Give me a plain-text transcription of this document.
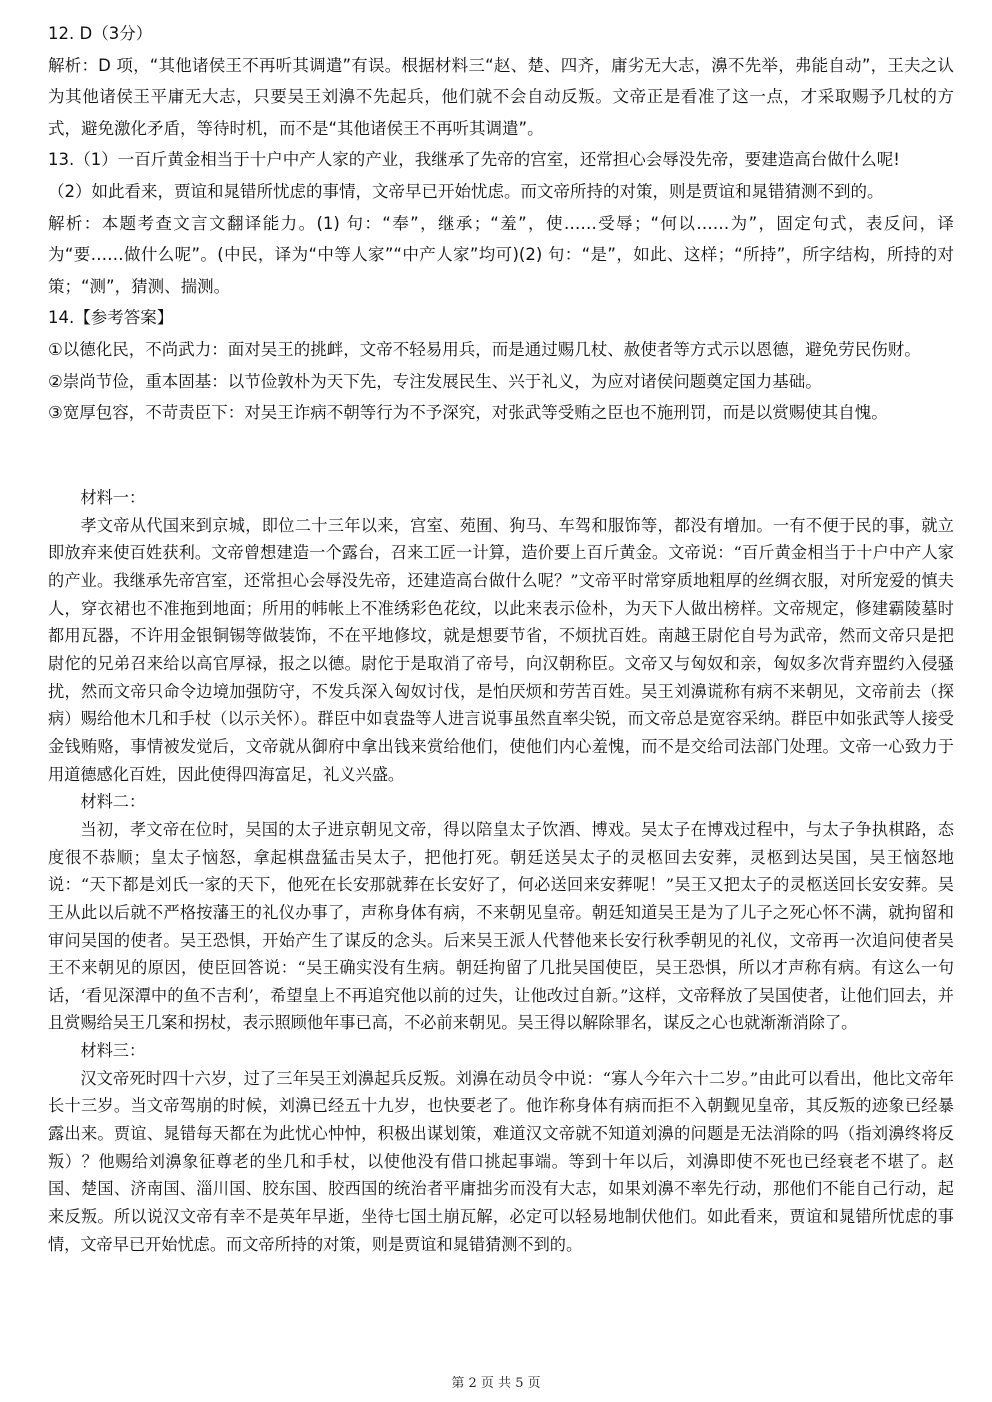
12. D（3分）

解析：D 项，“其他诸侯王不再听其调遣”有误。根据材料三“赵、楚、四齐，庸劣无大志，濞不先举，弗能自动”，王夫之认为其他诸侯王平庸无大志，只要吴王刘濞不先起兵，他们就不会自动反叛。文帝正是看准了这一点，才采取赐予几杖的方式，避免激化矛盾，等待时机，而不是“其他诸侯王不再听其调遣”。

13.（1）一百斤黄金相当于十户中产人家的产业，我继承了先帝的宫室，还常担心会辱没先帝，要建造高台做什么呢!

（2）如此看来，贾谊和晁错所忧虑的事情，文帝早已开始忧虑。而文帝所持的对策，则是贾谊和晁错猜测不到的。

解析：本题考查文言文翻译能力。(1) 句：“奉”，继承；“羞”，使……受辱；“何以……为”，固定句式，表反问，译为“要……做什么呢”。(中民，译为“中等人家”“中产人家”均可)(2) 句：“是”，如此、这样；“所持”，所字结构，所持的对策；“测”，猜测、揣测。

14.【参考答案】

①以德化民，不尚武力：面对吴王的挑衅，文帝不轻易用兵，而是通过赐几杖、赦使者等方式示以恩德，避免劳民伤财。

②崇尚节俭，重本固基：以节俭敦朴为天下先，专注发展民生、兴于礼义，为应对诸侯问题奠定国力基础。

③宽厚包容，不苛责臣下：对吴王诈病不朝等行为不予深究，对张武等受贿之臣也不施刑罚，而是以赏赐使其自愧。

材料一：

孝文帝从代国来到京城，即位二十三年以来，宫室、苑囿、狗马、车驾和服饰等，都没有增加。一有不便于民的事，就立即放弃来使百姓获利。文帝曾想建造一个露台，召来工匠一计算，造价要上百斤黄金。文帝说：“百斤黄金相当于十户中产人家的产业。我继承先帝宫室，还常担心会辱没先帝，还建造高台做什么呢？”文帝平时常穿质地粗厚的丝绸衣服，对所宠爱的慎夫人，穿衣裙也不准拖到地面；所用的帏帐上不准绣彩色花纹，以此来表示俭朴，为天下人做出榜样。文帝规定，修建霸陵墓时都用瓦器，不许用金银铜锡等做装饰，不在平地修坟，就是想要节省，不烦扰百姓。南越王尉佗自号为武帝，然而文帝只是把尉佗的兄弟召来给以高官厚禄，报之以德。尉佗于是取消了帝号，向汉朝称臣。文帝又与匈奴和亲，匈奴多次背弃盟约入侵骚扰，然而文帝只命令边境加强防守，不发兵深入匈奴讨伐，是怕厌烦和劳苦百姓。吴王刘濞谎称有病不来朝见，文帝前去（探病）赐给他木几和手杖（以示关怀）。群臣中如袁盎等人进言说事虽然直率尖锐，而文帝总是宽容采纳。群臣中如张武等人接受金钱贿赂，事情被发觉后，文帝就从御府中拿出钱来赏给他们，使他们内心羞愧，而不是交给司法部门处理。文帝一心致力于用道德感化百姓，因此使得四海富足，礼义兴盛。

材料二：

当初，孝文帝在位时，吴国的太子进京朝见文帝，得以陪皇太子饮酒、博戏。吴太子在博戏过程中，与太子争执棋路，态度很不恭顺；皇太子恼怒，拿起棋盘猛击吴太子，把他打死。朝廷送吴太子的灵柩回去安葬，灵柩到达吴国，吴王恼怒地说：“天下都是刘氏一家的天下，他死在长安那就葬在长安好了，何必送回来安葬呢！”吴王又把太子的灵柩送回长安安葬。吴王从此以后就不严格按藩王的礼仪办事了，声称身体有病，不来朝见皇帝。朝廷知道吴王是为了儿子之死心怀不满，就拘留和审问吴国的使者。吴王恐惧，开始产生了谋反的念头。后来吴王派人代替他来长安行秋季朝见的礼仪，文帝再一次追问使者吴王不来朝见的原因，使臣回答说：“吴王确实没有生病。朝廷拘留了几批吴国使臣，吴王恐惧，所以才声称有病。有这么一句话，‘看见深潭中的鱼不吉利’，希望皇上不再追究他以前的过失，让他改过自新。”这样，文帝释放了吴国使者，让他们回去，并且赏赐给吴王几案和拐杖，表示照顾他年事已高，不必前来朝见。吴王得以解除罪名，谋反之心也就渐渐消除了。

材料三：

汉文帝死时四十六岁，过了三年吴王刘濞起兵反叛。刘濞在动员令中说：“寡人今年六十二岁。”由此可以看出，他比文帝年长十三岁。当文帝驾崩的时候，刘濞已经五十九岁，也快要老了。他诈称身体有病而拒不入朝觐见皇帝，其反叛的迹象已经暴露出来。贾谊、晁错每天都在为此忧心忡忡，积极出谋划策，难道汉文帝就不知道刘濞的问题是无法消除的吗（指刘濞终将反叛）？他赐给刘濞象征尊老的坐几和手杖，以使他没有借口挑起事端。等到十年以后，刘濞即使不死也已经衰老不堪了。赵国、楚国、济南国、淄川国、胶东国、胶西国的统治者平庸拙劣而没有大志，如果刘濞不率先行动，那他们不能自己行动，起来反叛。所以说汉文帝有幸不是英年早逝，坐待七国土崩瓦解，必定可以轻易地制伏他们。如此看来，贾谊和晁错所忧虑的事情，文帝早已开始忧虑。而文帝所持的对策，则是贾谊和晁错猜测不到的。

第 2 页 共 5 页
